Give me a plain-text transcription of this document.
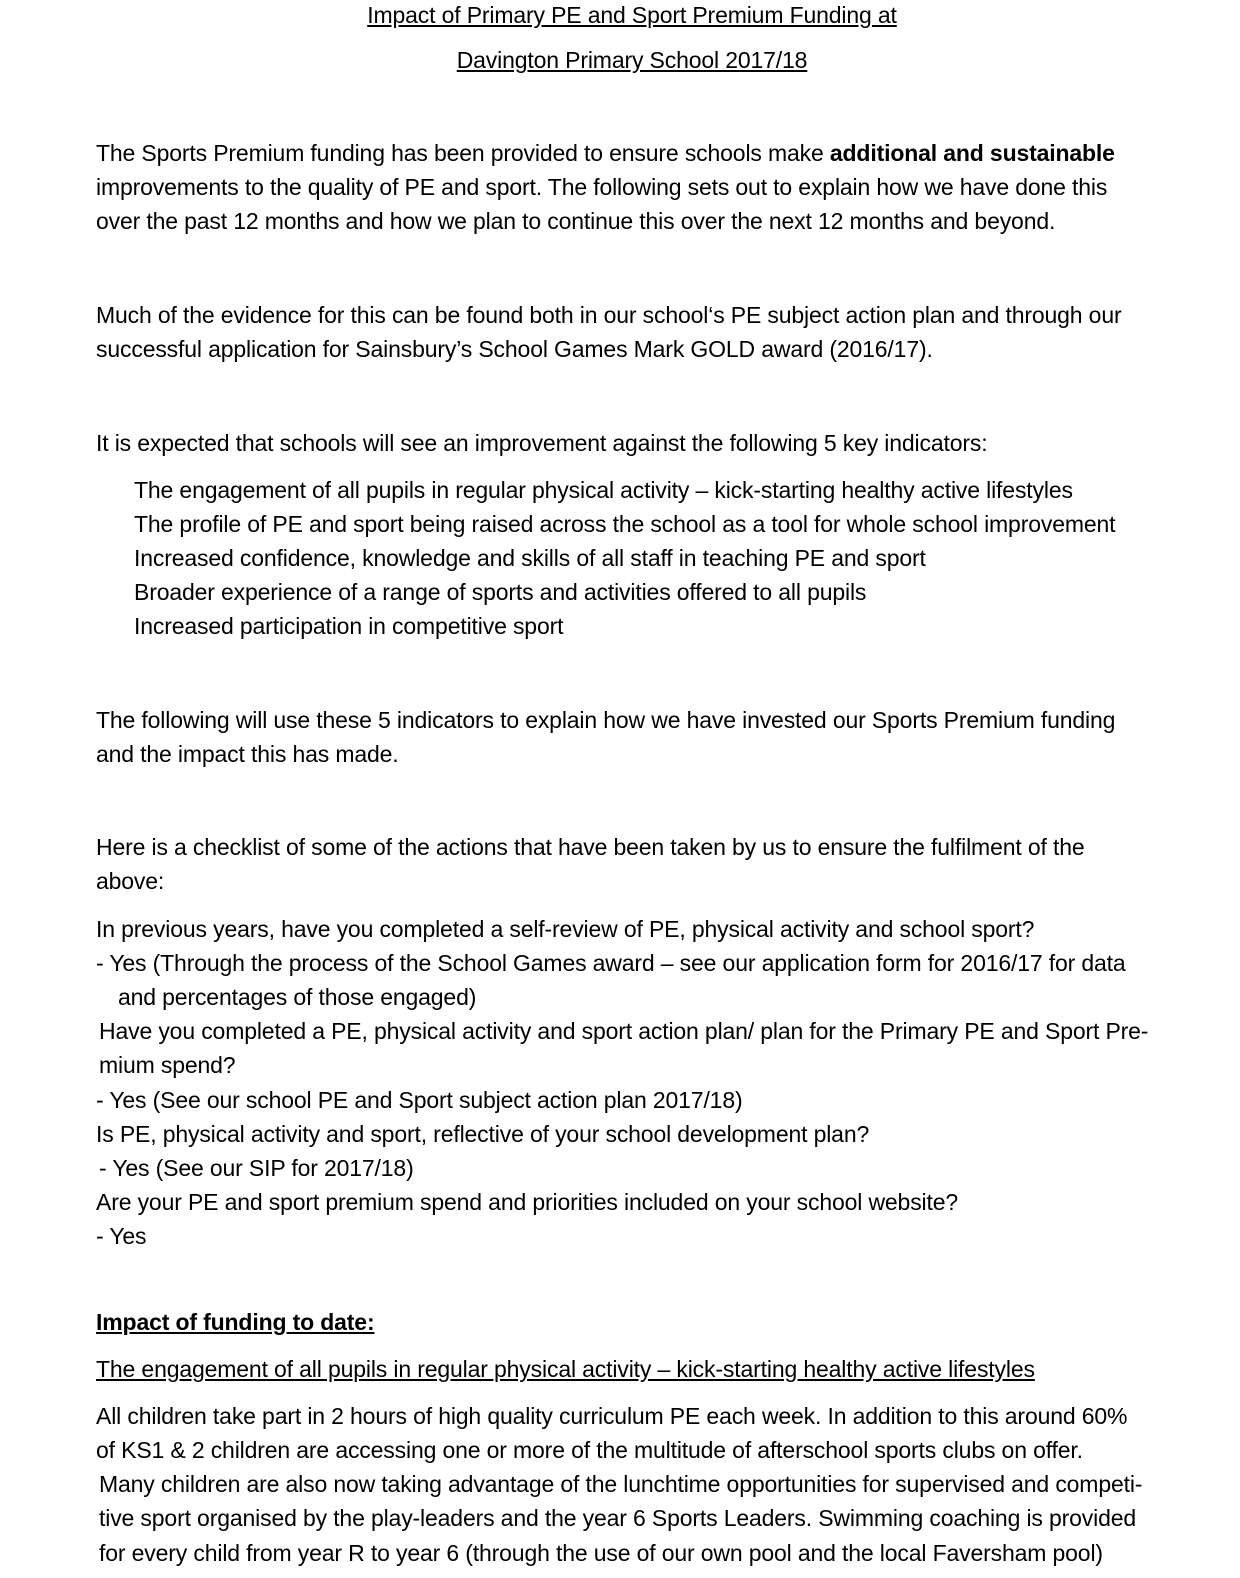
Impact of Primary PE and Sport Premium Funding at
Davington Primary School 2017/18
The Sports Premium funding has been provided to ensure schools make additional and sustainable
improvements to the quality of PE and sport. The following sets out to explain how we have done this
over the past 12 months and how we plan to continue this over the next 12 months and beyond.
Much of the evidence for this can be found both in our school‘s PE subject action plan and through our
successful application for Sainsbury’s School Games Mark GOLD award (2016/17).
It is expected that schools will see an improvement against the following 5 key indicators:
The engagement of all pupils in regular physical activity – kick-starting healthy active lifestyles
The profile of PE and sport being raised across the school as a tool for whole school improvement
Increased confidence, knowledge and skills of all staff in teaching PE and sport
Broader experience of a range of sports and activities offered to all pupils
Increased participation in competitive sport
The following will use these 5 indicators to explain how we have invested our Sports Premium funding
and the impact this has made.
Here is a checklist of some of the actions that have been taken by us to ensure the fulfilment of the
above:
In previous years, have you completed a self-review of PE, physical activity and school sport?
- Yes (Through the process of the School Games award – see our application form for 2016/17 for data
and percentages of those engaged)
Have you completed a PE, physical activity and sport action plan/ plan for the Primary PE and Sport Pre-
mium spend?
- Yes (See our school PE and Sport subject action plan 2017/18)
Is PE, physical activity and sport, reflective of your school development plan?
- Yes (See our SIP for 2017/18)
Are your PE and sport premium spend and priorities included on your school website?
- Yes
Impact of funding to date:
The engagement of all pupils in regular physical activity – kick-starting healthy active lifestyles
All children take part in 2 hours of high quality curriculum PE each week. In addition to this around 60%
of KS1 & 2 children are accessing one or more of the multitude of afterschool sports clubs on offer.
Many children are also now taking advantage of the lunchtime opportunities for supervised and competi-
tive sport organised by the play-leaders and the year 6 Sports Leaders. Swimming coaching is provided
for every child from year R to year 6 (through the use of our own pool and the local Faversham pool)
